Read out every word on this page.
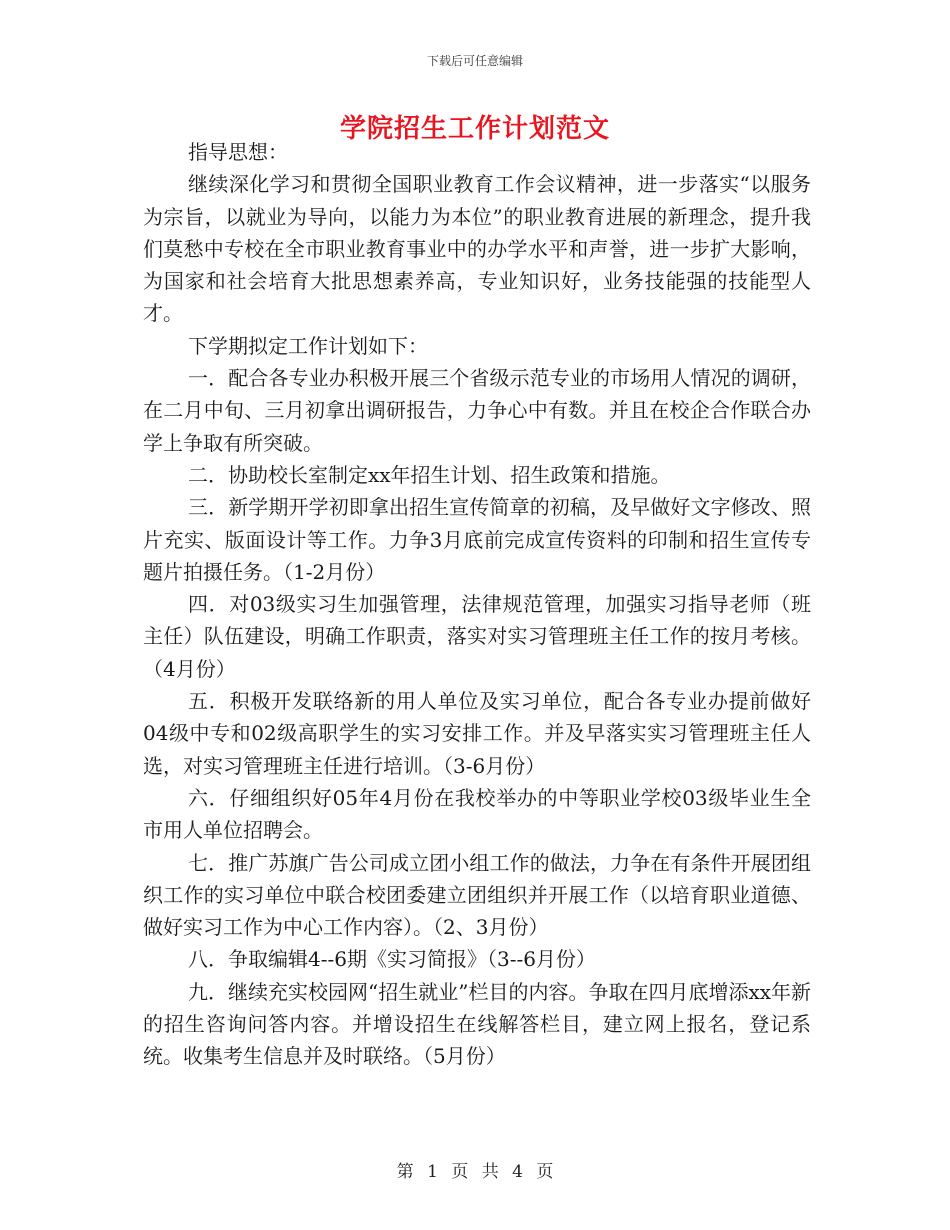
下载后可任意编辑
学院招生工作计划范文

指导思想：

继续深化学习和贯彻全国职业教育工作会议精神，进一步落实“以服务为宗旨，以就业为导向，以能力为本位”的职业教育进展的新理念，提升我们莫愁中专校在全市职业教育事业中的办学水平和声誉，进一步扩大影响，为国家和社会培育大批思想素养高，专业知识好，业务技能强的技能型人才。

下学期拟定工作计划如下：

一．配合各专业办积极开展三个省级示范专业的市场用人情况的调研，在二月中旬、三月初拿出调研报告，力争心中有数。并且在校企合作联合办学上争取有所突破。

二．协助校长室制定xx年招生计划、招生政策和措施。

三．新学期开学初即拿出招生宣传简章的初稿，及早做好文字修改、照片充实、版面设计等工作。力争3月底前完成宣传资料的印制和招生宣传专题片拍摄任务。（1-2月份）

四．对03级实习生加强管理，法律规范管理，加强实习指导老师（班主任）队伍建设，明确工作职责，落实对实习管理班主任工作的按月考核。（4月份）

五．积极开发联络新的用人单位及实习单位，配合各专业办提前做好04级中专和02级高职学生的实习安排工作。并及早落实实习管理班主任人选，对实习管理班主任进行培训。（3-6月份）

六．仔细组织好05年4月份在我校举办的中等职业学校03级毕业生全市用人单位招聘会。

七．推广苏旗广告公司成立团小组工作的做法，力争在有条件开展团组织工作的实习单位中联合校团委建立团组织并开展工作（以培育职业道德、做好实习工作为中心工作内容）。（2、3月份）

八．争取编辑4--6期《实习简报》（3--6月份）

九．继续充实校园网“招生就业”栏目的内容。争取在四月底增添xx年新的招生咨询问答内容。并增设招生在线解答栏目，建立网上报名，登记系统。收集考生信息并及时联络。（5月份）

第 1 页 共 4 页
